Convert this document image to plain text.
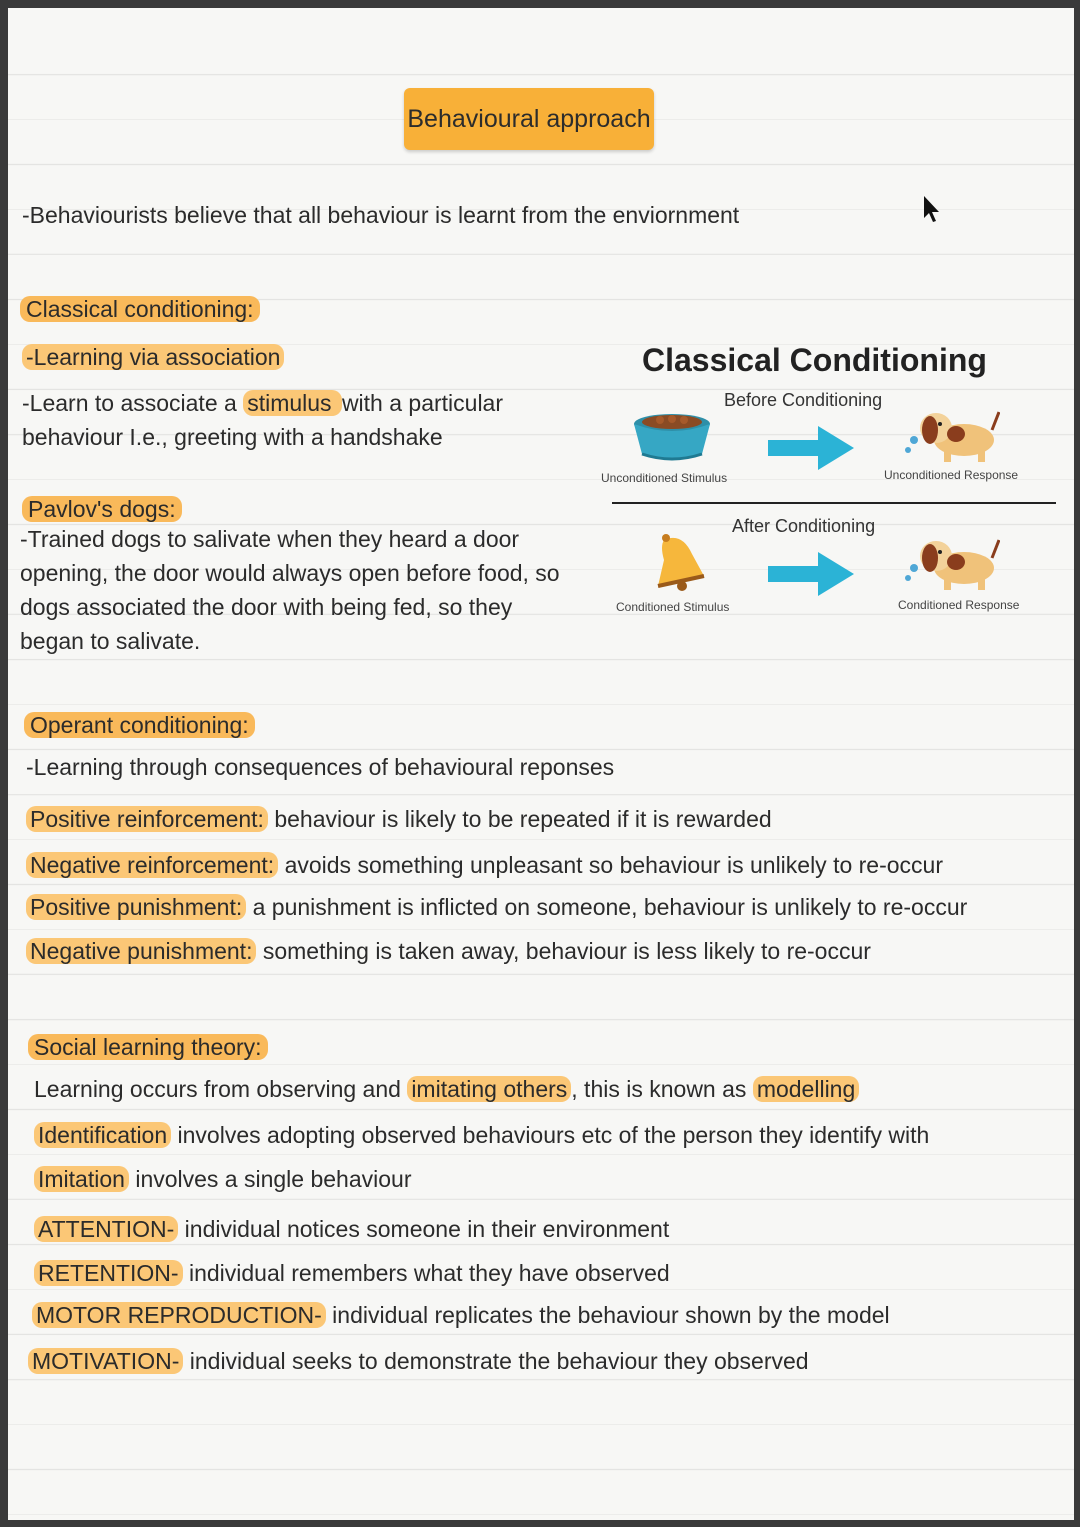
Behavioural approach
-Behaviourists believe that all behaviour is learnt from the enviornment
Classical conditioning:
-Learning via association
-Learn to associate a stimulus with a particular
behaviour I.e., greeting with a handshake
Pavlov's dogs:
-Trained dogs to salivate when they heard a door opening, the door would always open before food, so dogs associated the door with being fed, so they began to salivate.
Classical Conditioning
Before Conditioning
Unconditioned Stimulus	Unconditioned Response
After Conditioning
Conditioned Stimulus	Conditioned Response
Operant conditioning:
-Learning through consequences of behavioural reponses
Positive reinforcement: behaviour is likely to be repeated if it is rewarded
Negative reinforcement: avoids something unpleasant so behaviour is unlikely to re-occur
Positive punishment: a punishment is inflicted on someone, behaviour is unlikely to re-occur
Negative punishment: something is taken away, behaviour is less likely to re-occur
Social learning theory:
Learning occurs from observing and imitating others , this is known as modelling
Identification involves adopting observed behaviours etc of the person they identify with
Imitation involves a single behaviour
ATTENTION- individual notices someone in their environment
RETENTION- individual remembers what they have observed
MOTOR REPRODUCTION- individual replicates the behaviour shown by the model
MOTIVATION- individual seeks to demonstrate the behaviour they observed
